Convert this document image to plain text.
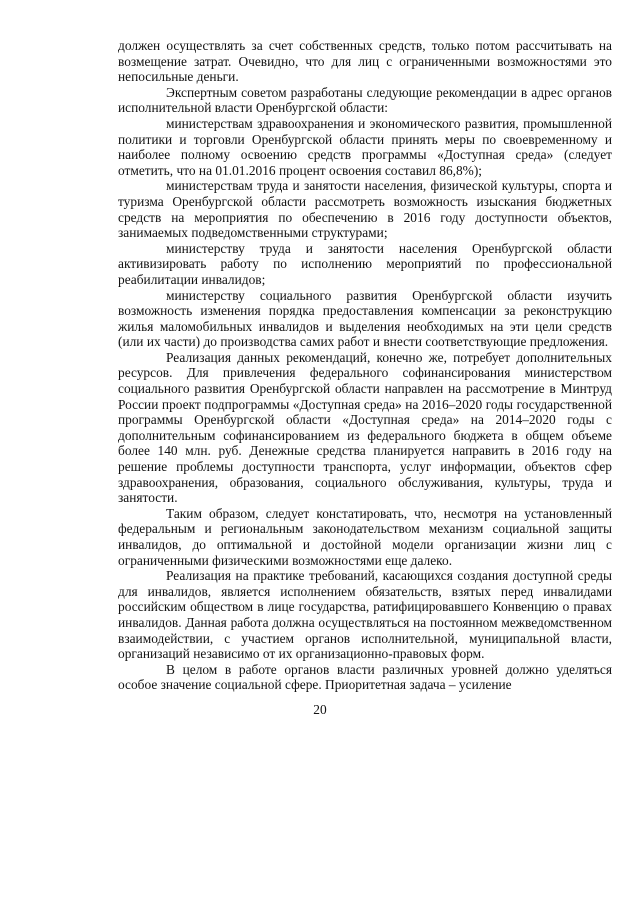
должен осуществлять за счет собственных средств, только потом рассчитывать на возмещение затрат. Очевидно, что для лиц с ограниченными возможностями это непосильные деньги.

Экспертным советом разработаны следующие рекомендации в адрес органов исполнительной власти Оренбургской области:

министерствам здравоохранения и экономического развития, промышленной политики и торговли Оренбургской области принять меры по своевременному и наиболее полному освоению средств программы «Доступная среда» (следует отметить, что на 01.01.2016 процент освоения составил 86,8%);

министерствам труда и занятости населения, физической культуры, спорта и туризма Оренбургской области рассмотреть возможность изыскания бюджетных средств на мероприятия по обеспечению в 2016 году доступности объектов, занимаемых подведомственными структурами;

министерству труда и занятости населения Оренбургской области активизировать работу по исполнению мероприятий по профессиональной реабилитации инвалидов;

министерству социального развития Оренбургской области изучить возможность изменения порядка предоставления компенсации за реконструкцию жилья маломобильных инвалидов и выделения необходимых на эти цели средств (или их части) до производства самих работ и внести соответствующие предложения.

Реализация данных рекомендаций, конечно же, потребует дополнительных ресурсов. Для привлечения федерального софинансирования министерством социального развития Оренбургской области направлен на рассмотрение в Минтруд России проект подпрограммы «Доступная среда» на 2016–2020 годы государственной программы Оренбургской области «Доступная среда» на 2014–2020 годы с дополнительным софинансированием из федерального бюджета в общем объеме более 140 млн. руб. Денежные средства планируется направить в 2016 году на решение проблемы доступности транспорта, услуг информации, объектов сфер здравоохранения, образования, социального обслуживания, культуры, труда и занятости.

Таким образом, следует констатировать, что, несмотря на установленный федеральным и региональным законодательством механизм социальной защиты инвалидов, до оптимальной и достойной модели организации жизни лиц с ограниченными физическими возможностями еще далеко.

Реализация на практике требований, касающихся создания доступной среды для инвалидов, является исполнением обязательств, взятых перед инвалидами российским обществом в лице государства, ратифицировавшего Конвенцию о правах инвалидов. Данная работа должна осуществляться на постоянном межведомственном взаимодействии, с участием органов исполнительной, муниципальной власти, организаций независимо от их организационно-правовых форм.

В целом в работе органов власти различных уровней должно уделяться особое значение социальной сфере. Приоритетная задача – усиление

20
